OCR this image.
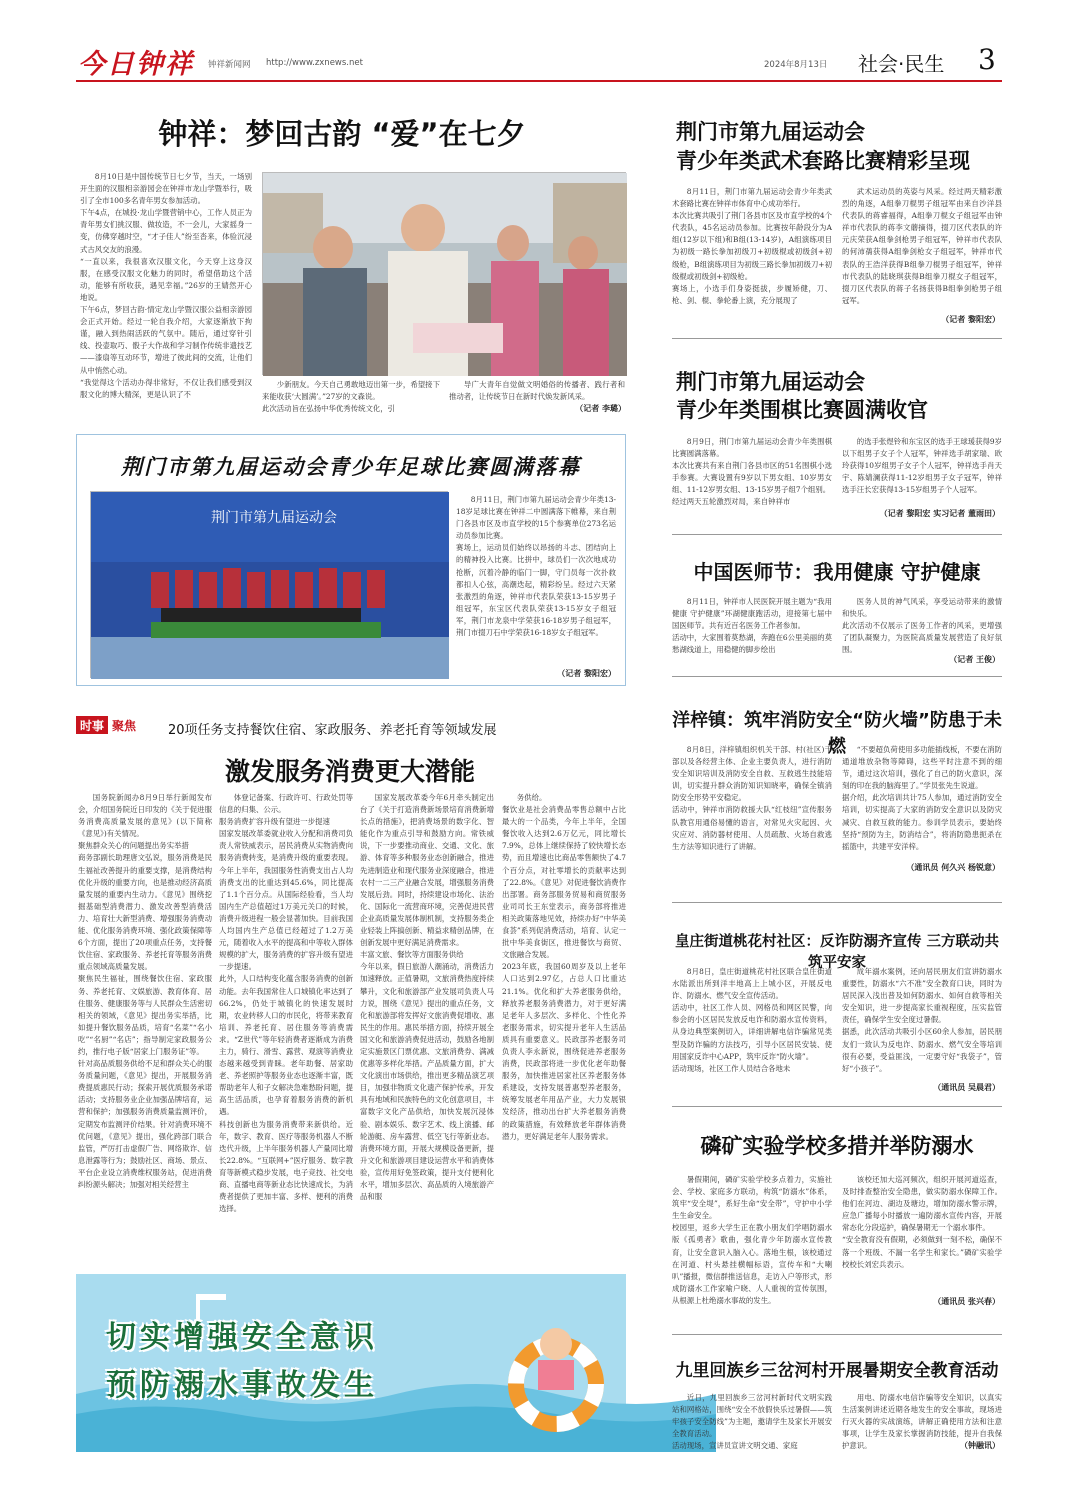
今日钟祥 钟祥新闻网 http://www.zxnews.net	2024年8月13日 社会·民生 3
钟祥：梦回古韵 “爱”在七夕
8月10日是中国传统节日七夕节，当天，一场别开生面的汉服相亲游园会在钟祥市龙山学暨举行，吸引了全市100多名青年男女参加活动。
下午4点，在城投·龙山学暨营销中心，工作人员正为青年男女们挑汉服、做妆造，不一会儿，大家摇身一变，仿佛穿越时空，“才子佳人”纷至沓来，体验沉浸式古风交友的浪漫。
“一直以来，我很喜欢汉服文化，今天穿上这身汉服，在感受汉服文化魅力的同时，希望借助这个活动，能够有所收获，遇见幸福。”26岁的王婧然开心地说。
下午6点，梦回古韵·情定龙山学暨汉服公益相亲游园会正式开始。经过一轮自我介绍，大家逐渐放下拘谨，融入到热闹活跃的气氛中。随后，通过穿针引线、投壶取巧、骰子大作战和学习制作传统非遗技艺——漆扇等互动环节，增进了彼此间的交流，让他们从中悄然心动。
“我觉得这个活动办得非常好，不仅让我们感受到汉服文化的博大精深，更是认识了不
少新朋友。今天自己勇敢地迈出第一步，希望接下来能收获‘大圆满’。”27岁的文森说。
此次活动旨在弘扬中华优秀传统文化，引
导广大青年自觉做文明婚俗的传播者、践行者和推动者，让传统节日在新时代焕发新风采。
（记者 李璐）
荆门市第九届运动会青少年足球比赛圆满落幕
荆门市第九届运动会
8月11日，荆门市第九届运动会青少年类13-18岁足球比赛在钟祥二中圆满落下帷幕，来自荆门各县市区及市直学校的15个参赛单位273名运动员参加比赛。
赛场上，运动员们始终以昂扬的斗志、团结向上的精神投入比赛。比拼中，球员们一次次地成功抢断，沉着冷静的临门一脚，守门员每一次扑救都扣人心弦，高潮迭起，精彩纷呈。经过六天紧张激烈的角逐，钟祥市代表队荣获13-15岁男子组冠军，东宝区代表队荣获13-15岁女子组冠军，荆门市龙泉中学荣获16-18岁男子组冠军，荆门市掇刀石中学荣获16-18岁女子组冠军。
（记者 黎阳宏）
时事 聚焦	20项任务支持餐饮住宿、家政服务、养老托育等领域发展
激发服务消费更大潜能
国务院新闻办8月9日举行新闻发布会，介绍国务院近日印发的《关于促进服务消费高质量发展的意见》(以下简称《意见》)有关情况。
聚焦群众关心的问题提出务实举措
商务部副长助理唐文弘说，服务消费是民生福祉改善提升的重要支撑，是消费结构优化升级的重要方向，也是推动经济高质量发展的重要内生动力。《意见》围绕挖掘基础型消费潜力、激发改善型消费活力、培育壮大新型消费、增强服务消费动能、优化服务消费环境、强化政策保障等6个方面，提出了20项重点任务，支持餐饮住宿、家政服务、养老托育等服务消费重点领域高质量发展。
聚焦民生福祉，围绕餐饮住宿、家政服务、养老托育、文娱旅游、教育体育、居住服务、健康服务等与人民群众生活密切相关的领域，《意见》提出务实举措，比如提升餐饮服务品质，培育“名菜”“名小吃”“名厨”“名店”；指导制定家政服务公约，推行电子版“居家上门服务证”等。
针对高品质服务供给不足和群众关心的服务质量问题，《意见》提出，开展服务消费提质惠民行动；探索开展优质服务承诺活动；支持服务业企业加强品牌培育，运营和保护；加强服务消费质量监测评价，定期发布监测评价结果。针对消费环境不优问题，《意见》提出，强化跨部门联合监管，严厉打击虚假广告、网络欺诈、信息泄露等行为；鼓励社区、商场、景点、平台企业设立消费维权服务站，促进消费纠纷源头解决；加强对相关经营主
体登记备案、行政许可、行政处罚等信息的归集、公示。
服务消费扩容升级有望进一步提速
国家发展改革委就业收入分配和消费司负责人常铁威表示，居民消费从实物消费向服务消费转变，是消费升级的重要表现。今年上半年，我国服务性消费支出占人均消费支出的比重达到45.6%，同比提高了1.1个百分点。从国际经验看，当人均国内生产总值超过1万美元关口的时候，消费升级进程一般会显著加快。目前我国人均国内生产总值已经超过了1.2万美元，随着收入水平的提高和中等收入群体规模的扩大，服务消费的扩容升级有望进一步提速。
此外，人口结构变化蕴含服务消费的创新动能。去年我国常住人口城镇化率达到了66.2%，仍处于城镇化的快速发展时期，农业转移人口的市民化，将带来教育培训、养老托育、居住服务等消费需求。“Z世代”等年轻消费者逐渐成为消费主力，骑行、滑雪、露营、观演等消费业态越来越受到青睐。老年助餐、居家助老、养老照护等服务业态也逐渐丰富，既帮助老年人和子女解决急难愁盼问题，提高生活品质，也孕育着服务消费的新机遇。
科技创新也为服务消费带来新供给。近年，数字、教育、医疗等服务机器人不断迭代升级，上半年服务机器人产量同比增长22.8%。“互联网+”医疗服务、数字教育等新模式稳步发展，电子竞技、社交电商、直播电商等新业态比快速成长，为消费者提供了更加丰富、多样、便利的消费选择。
国家发展改革委今年6月牵头制定出台了《关于打造消费新场景培育消费新增长点的措施》，把消费场景的数字化、智能化作为重点引导和鼓励方向。常铁威说，下一步要推动商业、交通、文化、旅游、体育等多种服务业态创新融合，推进先进制造业和现代服务业深度融合，推进农村一二三产业融合发展，增强服务消费发展后劲。同时，持续建设市场化、法治化、国际化一流营商环境，完善促进民营企业高质量发展体制机制，支持服务类企业轻装上阵搞创新、精益求精创品牌，在创新发展中更好满足消费需求。
丰富文旅、餐饮等方面服务供给
今年以来，假日旅游人潮涌动，消费活力加速释放。正值暑期，文旅消费热度持续攀升，文化和旅游部产业发展司负责人马力说，围绕《意见》提出的重点任务，文化和旅游部将发挥好文旅消费促增收、惠民生的作用。惠民举措方面，持续开展全国文化和旅游消费促进活动，鼓励各地制定实施景区门票优惠、文旅消费券、满减优惠等多样化举措。产品质量方面，扩大文化演出市场供给，推出更多精品演艺项目，加强非物质文化遗产保护传承，开发具有地域和民族特色的文化创意项目，丰富数字文化产品供给，加快发展沉浸体验、剧本娱乐、数字艺术、线上演播、邮轮游艇、房车露营、低空飞行等新业态。消费环境方面，开展大规模设备更新，提升文化和旅游项目建设运营水平和消费体验，宣传用好免签政策，提升支付便利化水平，增加多层次、高品质的入境旅游产品和服
务供给。
餐饮业是社会消费品零售总额中占比最大的一个品类，今年上半年，全国餐饮收入达到2.6万亿元，同比增长7.9%，总体上继续保持了较快增长态势，而且增速也比商品零售额快了4.7个百分点，对社零增长的贡献率达到了22.8%。《意见》对促进餐饮消费作出部署。商务部服务贸易和商贸服务业司司长王东堂表示，商务部将推进相关政策落地见效，持续办好“中华美食荟”系列促消费活动，培育、认定一批中华美食街区，推进餐饮与商贸、文旅融合发展。
2023年底，我国60周岁及以上老年人口达到2.97亿，占总人口比重达21.1%。优化和扩大养老服务供给，释放养老服务消费潜力，对于更好满足老年人多层次、多样化、个性化养老服务需求，切实提升老年人生活品质具有重要意义。民政部养老服务司负责人李永新说，围绕促进养老服务消费，民政部将进一步优化老年助餐服务，加快推进居家社区养老服务体系建设，支持发展普惠型养老服务，统筹发展老年用品产业，大力发展银发经济，推动出台扩大养老服务消费的政策措施，有效释放老年群体消费潜力，更好满足老年人服务需求。
切实增强安全意识
预防溺水事故发生
荆门市第九届运动会
青少年类武术套路比赛精彩呈现
8月11日，荆门市第九届运动会青少年类武术套路比赛在钟祥市体育中心成功举行。
本次比赛共吸引了荆门各县市区及市直学校的4个代表队，45名运动员参加。比赛按年龄段分为A组(12岁以下组)和B组(13-14岁)，A组演练项目为初级一路长拳加初级刀+初级棍或初级剑+初级枪，B组演练项目为初级三路长拳加初级刀+初级棍或初级剑+初级枪。
赛场上，小选手们身姿挺拔，步履矫健，刀、枪、剑、棍、拳轮番上演，充分展现了
武术运动员的英姿与风采。经过两天精彩激烈的角逐，A组拳刀棍男子组冠军由来自沙洋县代表队的蒋睿福得，A组拳刀棍女子组冠军由钟祥市代表队的蒋李文蘑摘得，掇刀区代表队的许元庆荣获A组拳剑枪男子组冠军，钟祥市代表队的何沛蒨获得A组拳剑枪女子组冠军，钟祥市代表队的王浩洋获得B组拳刀棍男子组冠军，钟祥市代表队的陆晓琪获得B组拳刀棍女子组冠军，掇刀区代表队的蒋子名扬获得B组拳剑枪男子组冠军。
（记者 黎阳宏）
荆门市第九届运动会
青少年类围棋比赛圆满收官
8月9日，荆门市第九届运动会青少年类围棋比赛圆满落幕。
本次比赛共有来自荆门各县市区的51名围棋小选手参赛。大赛设置有9岁以下男女组、10岁男女组、11-12岁男女组、13-15岁男子组7个组别。
经过两天五轮激烈对局，来自钟祥市
的选手张煜铃和东宝区的选手王球瑗获得9岁以下组男子女子个人冠军，钟祥选手胡家瑞、欧玲获得10岁组男子女子个人冠军，钟祥选手肖天宇、陈婧澜获得11-12岁组男子女子冠军，钟祥选手汪长宏获得13-15岁组男子个人冠军。
（记者 黎阳宏 实习记者 董雨田）
中国医师节：我用健康 守护健康
8月11日，钟祥市人民医院开展主题为“我用健康 守护健康”环湖健康跑活动，迎接第七届中国医师节。共有近百名医务工作者参加。
活动中，大家围着莫愁湖，奔跑在6公里美丽的莫愁湖线道上，用稳健的脚步绘出
医务人员的神气风采，享受运动带来的激情和快乐。
此次活动不仅展示了医务工作者的风采，更增强了团队凝聚力，为医院高质量发展营造了良好氛围。
（记者 王俊）
洋梓镇：筑牢消防安全“防火墙”防患于未燃
8月8日，洋梓镇组织机关干部、村(社区)干部以及各经营主体、企业主要负责人，进行消防安全知识培训及消防安全自救、互救逃生技能培训，切实提升群众消防知识知晓率，确保全镇消防安全形势平安稳定。
活动中，钟祥市消防救援大队“红枝纽”宣传服务队教官用通俗易懂的语言，对常见火灾起因、火灾应对、消防器材使用、人员疏散、火场自救逃生方法等知识进行了讲解。
“不要超负荷使用多功能插线板，不要在消防通道堆放杂物等障碍，这些平时注意不到的细节，通过这次培训，强化了自己的防火意识，深刻的印在我的脑海里了。”学员张先生说道。
据介绍，此次培训共计75人参加，通过消防安全培训，切实提高了大家的消防安全意识以及防灾减灾、自救互救的能力。参训学员表示，要始终坚持“预防为主，防消结合”，将消防隐患扼杀在摇篮中，共建平安洋梓。
（通讯员 何久兴 杨锐意）
皇庄街道桃花村社区：反诈防溺齐宣传 三方联动共筑平安家
8月8日，皇庄街道桃花村社区联合皇庄街道水陆派出所到洋丰地高上上城小区，开展反电诈、防溺水、燃气安全宣传活动。
活动中，社区工作人员、网格员和网区民警，向参会的小区居民发放反电诈和防溺水宣传资料，从身边典型案例切入，详细讲解电信诈骗常见类型及防诈骗的方法技巧，引导小区居民安装、使用国家反诈中心APP，筑牢反诈“防火墙”。
活动现场，社区工作人员结合各地未
成年溺水案例，还向居民朋友们宣讲防溺水重要性，防溺水“六不准”安全教育口诀，同时为居民深入浅出普及如何防溺水、如何自救等相关安全知识，进一步提高家长重视程度，压实监管责任，确保学生安全度过暑假。
据悉，此次活动共吸引小区60余人参加，居民朋友们一致认为反电诈、防溺水、燃气安全等培训很有必要，受益匪浅，一定要守好“我袋子”，管好“小孩子”。
（通讯员 吴晨君）
磷矿实验学校多措并举防溺水
暑假期间，磷矿实验学校多点着力，实施社会、学校、家庭多方联动，构筑“防溺水”体系，筑牢“安全堤”，系好生命“安全带”，守护中小学生生命安全。
校园里，返乡大学生正在教小朋友们学唱防溺水版《孤勇者》歌曲，强化青少年防溺水宣传教育，让安全意识入脑入心。落地生根，该校通过在河道、村头悬挂横幅标语，宣传车和“大喇叭”播报，微信群推送信息，走访入户等形式，形成防溺水工作家喻户晓、人人重视的宣传氛围，从根源上杜绝溺水事故的发生。
该校还加大巡河频次，组织开展河道巡查，及时排查整治安全隐患，做实防溺水保障工作。他们在河边、湖边及塘边，增加防溺水警示牌，应急广播每小时播放一遍防溺水宣传内容，开展常态化分段巡护，确保暑期无一个溺水事件。
“安全教育没有假期，必须做到一刻不松，确保不落一个班级、不漏一名学生和家长。”磷矿实验学校校长刘宏兵表示。
（通讯员 张兴春）
九里回族乡三岔河村开展暑期安全教育活动
近日，九里回族乡三岔河村新时代文明实践站和网格站，围绕“安全不放假快乐过暑假——筑牢孩子安全防线”为主题，邀请学生及家长开展安全教育活动。
活动现场，宣讲员宣讲文明交通、家庭
用电、防溺水电信诈骗等安全知识，以真实生活案例讲述近期各地发生的安全事故，现场进行灭火器的实战演练，讲解正确使用方法和注意事项，让学生及家长掌握消防技能，提升自我保护意识。	（钟融讯）
